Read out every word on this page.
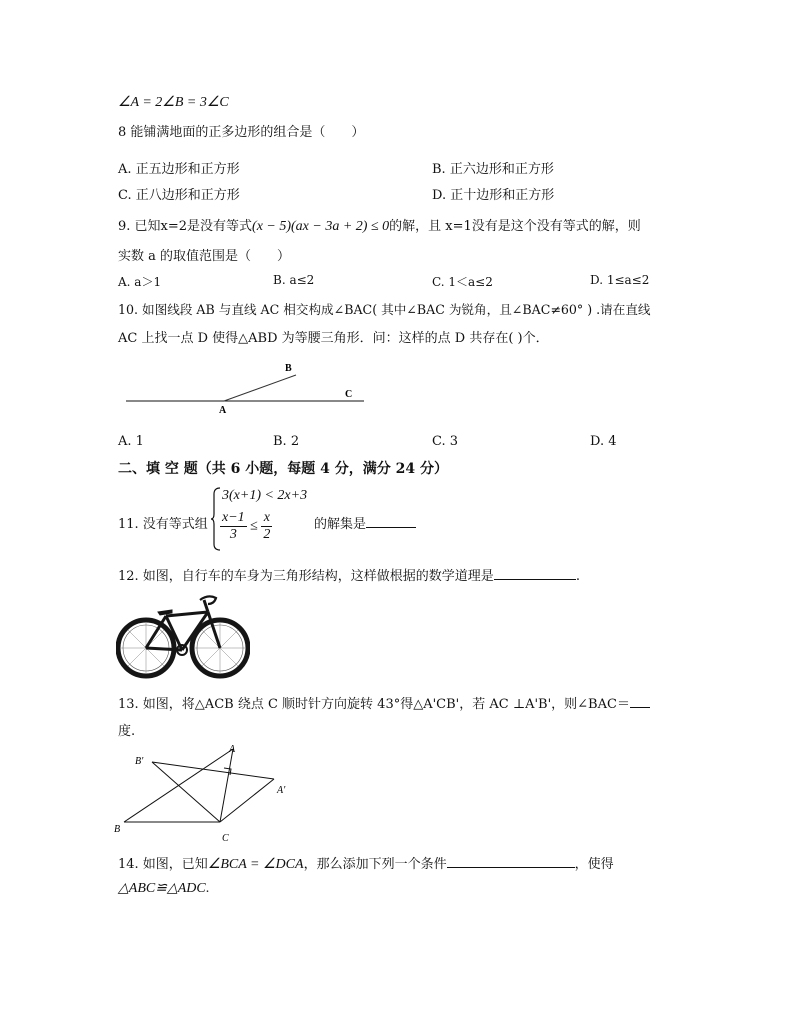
∠A = 2∠B = 3∠C
8 能铺满地面的正多边形的组合是（　　）
A. 正五边形和正方形	B. 正六边形和正方形
C. 正八边形和正方形	D. 正十边形和正方形
9. 已知x=2是没有等式(x − 5)(ax − 3a + 2) ≤ 0的解，且 x=1没有是这个没有等式的解，则
实数 a 的取值范围是（　　）
A. a＞1	B. a≤2	C. 1＜a≤2	D. 1≤a≤2
10. 如图线段 AB 与直线 AC 相交构成∠BAC( 其中∠BAC 为锐角，且∠BAC≠60° ) .请在直线
AC 上找一点 D 使得△ABD 为等腰三角形．问：这样的点 D 共存在( )个．
A
B
C
A. 1	B. 2	C. 3	D. 4
二、填 空 题（共 6 小题，每题 4 分，满分 24 分）
11. 没有等式组
3(x+1) < 2x+3
$\frac{x-1}{3} \le \frac{x}{2}$	的解集是
12. 如图，自行车的车身为三角形结构，这样做根据的数学道理是	.
13. 如图，将△ACB 绕点 C 顺时针方向旋转 43°得△A'CB'，若 AC ⊥A'B'，则∠BAC＝
度.
B
B'
A
A'
C
14. 如图，已知∠BCA = ∠DCA，那么添加下列一个条件	，使得
△ABC≌△ADC.
